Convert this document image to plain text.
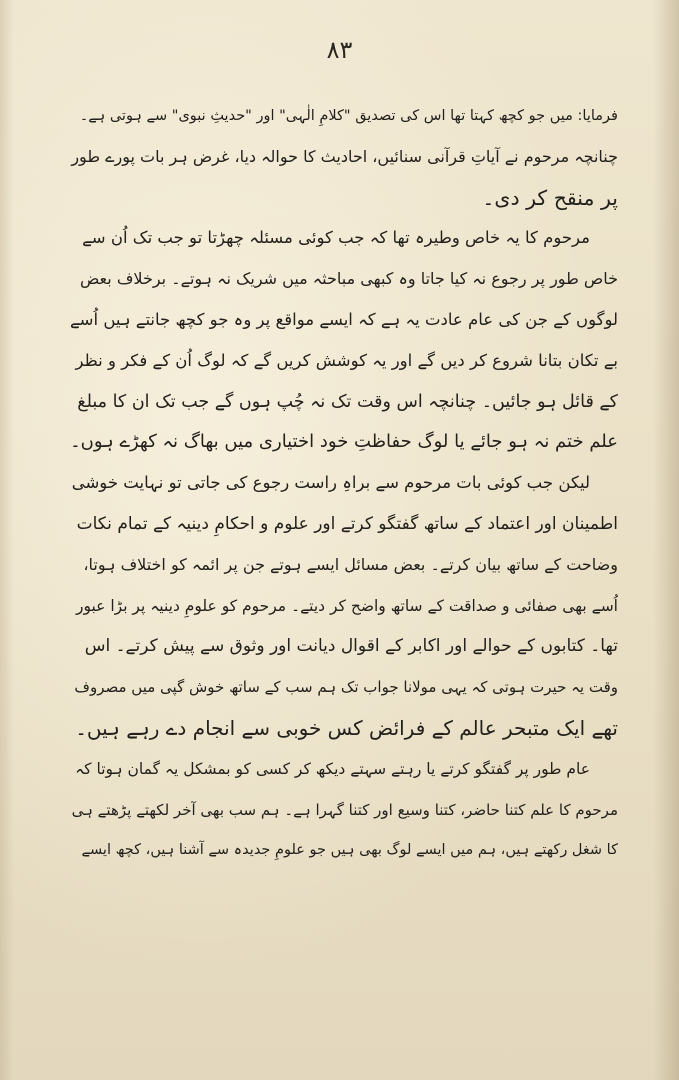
۸۳
فرمایا: میں جو کچھ کہتا تھا اس کی تصدیق "کلامِ الٰہی" اور "حدیثِ نبوی" سے ہوتی ہے۔
چنانچہ مرحوم نے آیاتِ قرآنی سنائیں، احادیث کا حوالہ دیا، غرض ہر بات پورے طور
پر منقح کر دی۔
مرحوم کا یہ خاص وطیرہ تھا کہ جب کوئی مسئلہ چھڑتا تو جب تک اُن سے
خاص طور پر رجوع نہ کیا جاتا وہ کبھی مباحثہ میں شریک نہ ہوتے۔ برخلاف بعض
لوگوں کے جن کی عام عادت یہ ہے کہ ایسے مواقع پر وہ جو کچھ جانتے ہیں اُسے
بے تکان بتانا شروع کر دیں گے اور یہ کوشش کریں گے کہ لوگ اُن کے فکر و نظر
کے قائل ہو جائیں۔ چنانچہ اس وقت تک نہ چُپ ہوں گے جب تک ان کا مبلغ
علم ختم نہ ہو جائے یا لوگ حفاظتِ خود اختیاری میں بھاگ نہ کھڑے ہوں۔
لیکن جب کوئی بات مرحوم سے براہِ راست رجوع کی جاتی تو نہایت خوشی
اطمینان اور اعتماد کے ساتھ گفتگو کرتے اور علوم و احکامِ دینیہ کے تمام نکات
وضاحت کے ساتھ بیان کرتے۔ بعض مسائل ایسے ہوتے جن پر ائمہ کو اختلاف ہوتا،
اُسے بھی صفائی و صداقت کے ساتھ واضح کر دیتے۔ مرحوم کو علومِ دینیہ پر بڑا عبور
تھا۔ کتابوں کے حوالے اور اکابر کے اقوال دیانت اور وثوق سے پیش کرتے۔ اس
وقت یہ حیرت ہوتی کہ یہی مولانا جواب تک ہم سب کے ساتھ خوش گپی میں مصروف
تھے ایک متبحر عالم کے فرائض کس خوبی سے انجام دے رہے ہیں۔
عام طور پر گفتگو کرتے یا رہتے سہتے دیکھ کر کسی کو بمشکل یہ گمان ہوتا کہ
مرحوم کا علم کتنا حاضر، کتنا وسیع اور کتنا گہرا ہے۔ ہم سب بھی آخر لکھتے پڑھتے ہی
کا شغل رکھتے ہیں، ہم میں ایسے لوگ بھی ہیں جو علومِ جدیدہ سے آشنا ہیں، کچھ ایسے
